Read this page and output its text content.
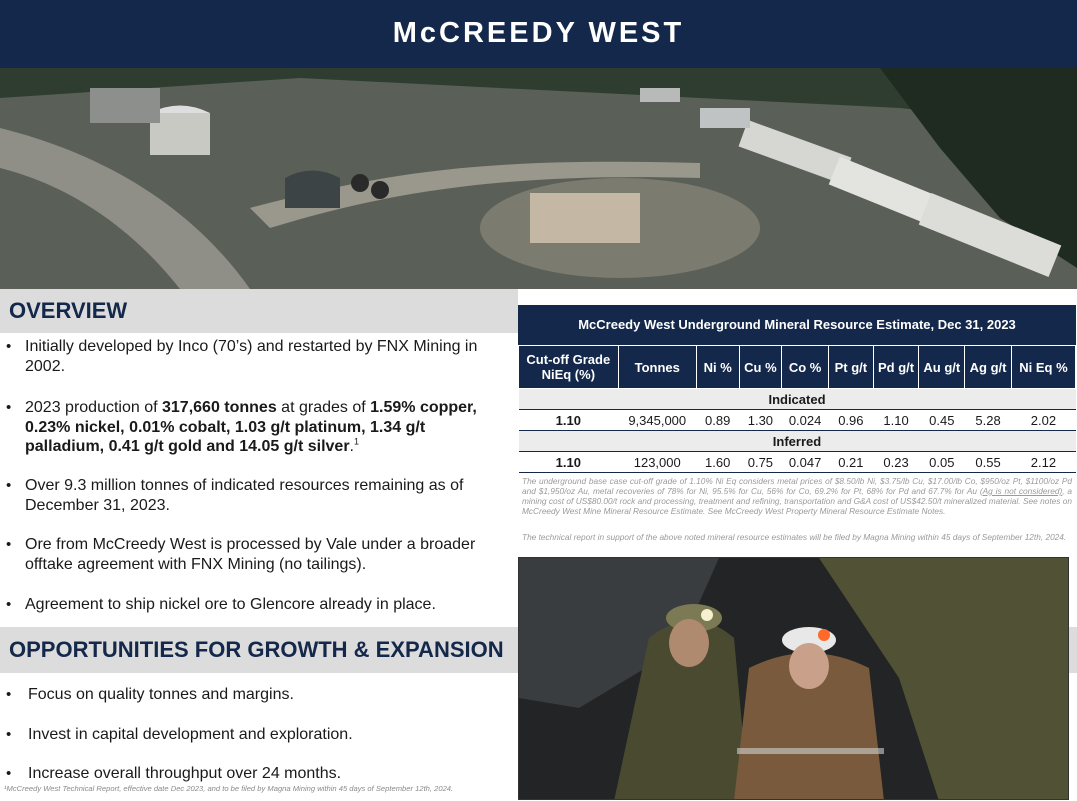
McCREEDY WEST
OVERVIEW
• Initially developed by Inco (70’s) and restarted by FNX Mining in 2002.
• 2023 production of 317,660 tonnes at grades of 1.59% copper, 0.23% nickel, 0.01% cobalt, 1.03 g/t platinum, 1.34 g/t palladium, 0.41 g/t gold and 14.05 g/t silver.$^1$
• Over 9.3 million tonnes of indicated resources remaining as of December 31, 2023.
• Ore from McCreedy West is processed by Vale under a broader offtake agreement with FNX Mining (no tailings).
• Agreement to ship nickel ore to Glencore already in place.
OPPORTUNITIES FOR GROWTH & EXPANSION
• Focus on quality tonnes and margins.
• Invest in capital development and exploration.
• Increase overall throughput over 24 months.
¹McCreedy West Technical Report, effective date Dec 2023, and to be filed by Magna Mining within 45 days of September 12th, 2024.
McCreedy West Underground Mineral Resource Estimate, Dec 31, 2023
Cut-off Grade NiEq (%)	Tonnes	Ni %	Cu %	Co %	Pt g/t	Pd g/t	Au g/t	Ag g/t	Ni Eq %
Indicated									
1.10	9,345,000	0.89	1.30	0.024	0.96	1.10	0.45	5.28	2.02
Inferred									
1.10	123,000	1.60	0.75	0.047	0.21	0.23	0.05	0.55	2.12
The underground base case cut-off grade of 1.10% Ni Eq considers metal prices of $8.50/lb Ni, $3.75/lb Cu, $17.00/lb Co, $950/oz Pt, $1100/oz Pd and $1,950/oz Au, metal recoveries of 78% for Ni, 95.5% for Cu, 56% for Co, 69.2% for Pt, 68% for Pd and 67.7% for Au (Ag is not considered), a mining cost of US$80.00/t rock and processing, treatment and refining, transportation and G&A cost of US$42.50/t mineralized material. See notes on McCreedy West Mine Mineral Resource Estimate. See McCreedy West Property Mineral Resource Estimate Notes.
The technical report in support of the above noted mineral resource estimates will be filed by Magna Mining within 45 days of September 12th, 2024.
